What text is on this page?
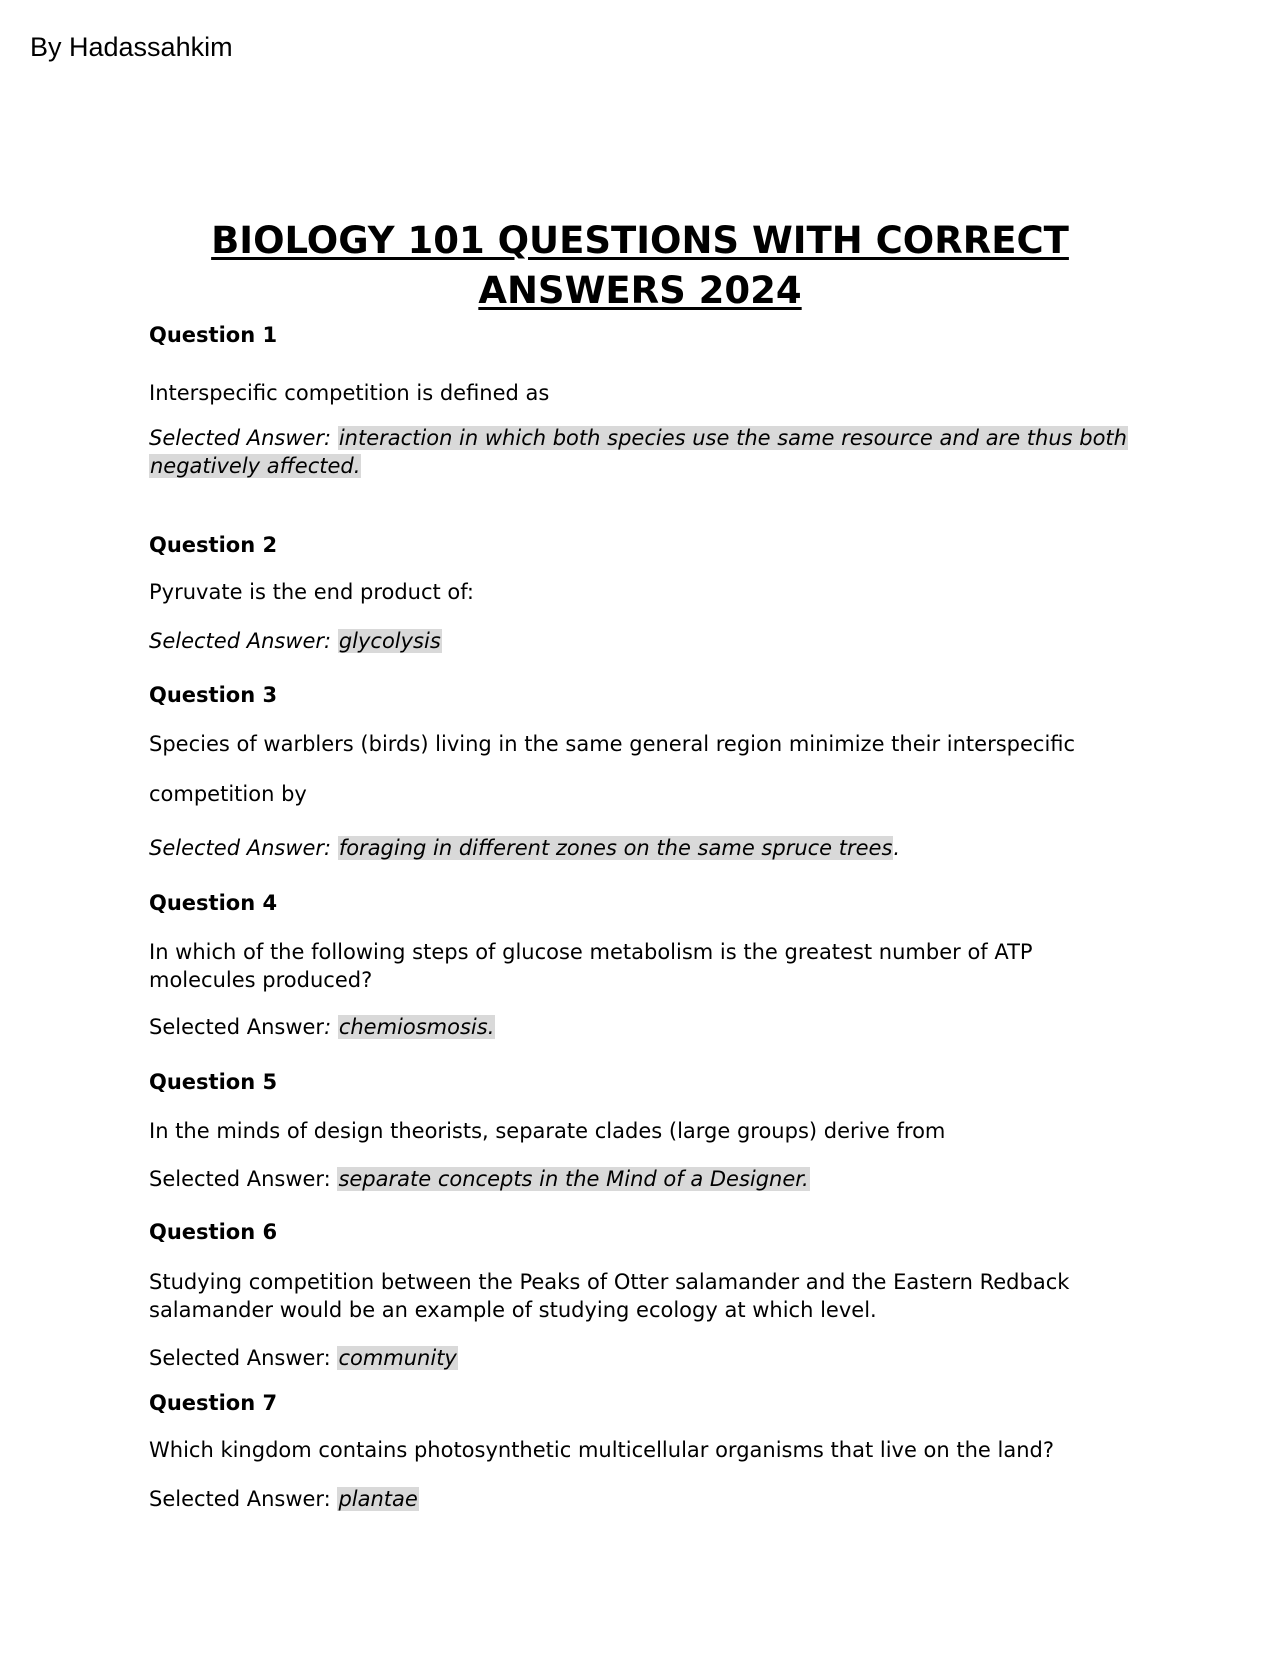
By Hadassahkim
BIOLOGY 101 QUESTIONS WITH CORRECT
ANSWERS 2024
Question 1
Interspecific competition is defined as
Selected Answer: interaction in which both species use the same resource and are thus both
negatively affected.
Question 2
Pyruvate is the end product of:
Selected Answer: glycolysis
Question 3
Species of warblers (birds) living in the same general region minimize their interspecific
competition by
Selected Answer: foraging in different zones on the same spruce trees.
Question 4
In which of the following steps of glucose metabolism is the greatest number of ATP
molecules produced?
Selected Answer: chemiosmosis.
Question 5
In the minds of design theorists, separate clades (large groups) derive from
Selected Answer: separate concepts in the Mind of a Designer.
Question 6
Studying competition between the Peaks of Otter salamander and the Eastern Redback
salamander would be an example of studying ecology at which level.
Selected Answer: community
Question 7
Which kingdom contains photosynthetic multicellular organisms that live on the land?
Selected Answer: plantae
